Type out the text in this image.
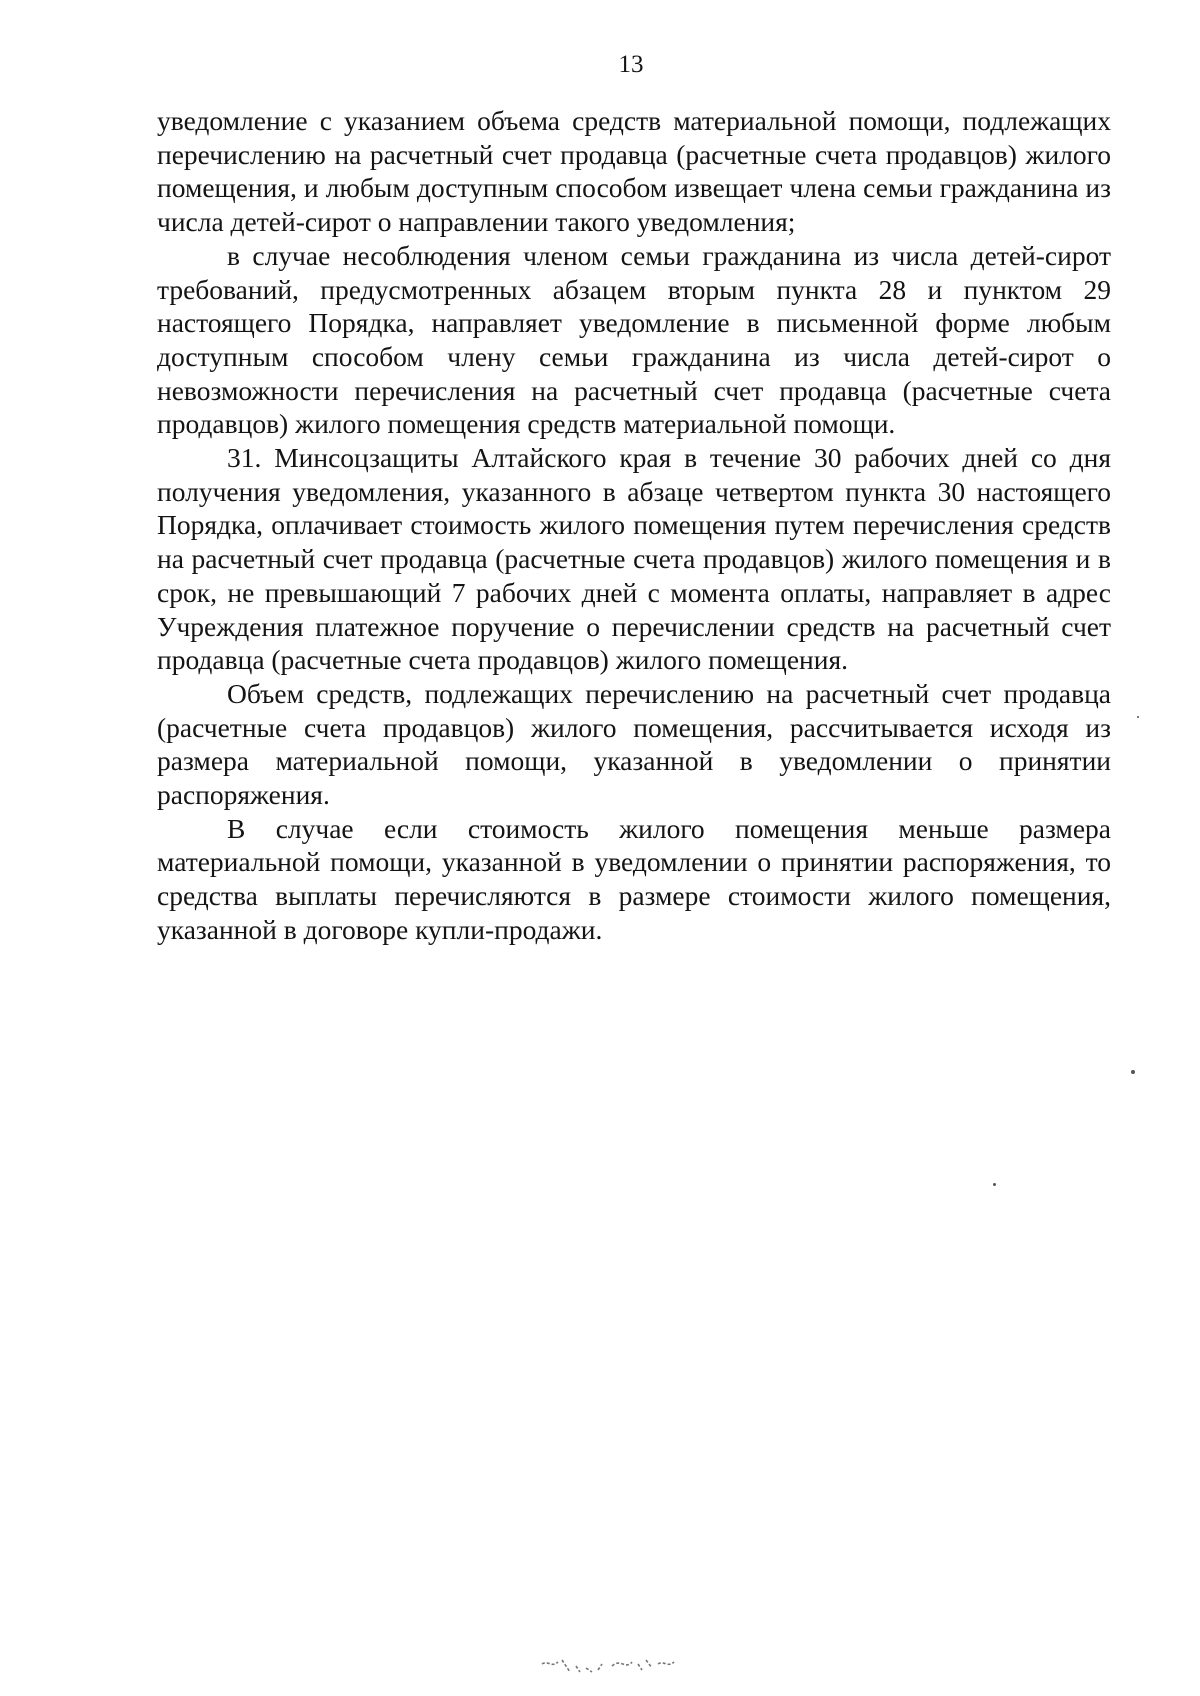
13

уведомление с указанием объема средств материальной помощи, подлежащих перечислению на расчетный счет продавца (расчетные счета продавцов) жилого помещения, и любым доступным способом извещает члена семьи гражданина из числа детей-сирот о направлении такого уведомления;

в случае несоблюдения членом семьи гражданина из числа детей-сирот требований, предусмотренных абзацем вторым пункта 28 и пунктом 29 настоящего Порядка, направляет уведомление в письменной форме любым доступным способом члену семьи гражданина из числа детей-сирот о невозможности перечисления на расчетный счет продавца (расчетные счета продавцов) жилого помещения средств материальной помощи.

31. Минсоцзащиты Алтайского края в течение 30 рабочих дней со дня получения уведомления, указанного в абзаце четвертом пункта 30 настоящего Порядка, оплачивает стоимость жилого помещения путем перечисления средств на расчетный счет продавца (расчетные счета продавцов) жилого помещения и в срок, не превышающий 7 рабочих дней с момента оплаты, направляет в адрес Учреждения платежное поручение о перечислении средств на расчетный счет продавца (расчетные счета продавцов) жилого помещения.

Объем средств, подлежащих перечислению на расчетный счет продавца (расчетные счета продавцов) жилого помещения, рассчитывается исходя из размера материальной помощи, указанной в уведомлении о принятии распоряжения.

В случае если стоимость жилого помещения меньше размера материальной помощи, указанной в уведомлении о принятии распоряжения, то средства выплаты перечисляются в размере стоимости жилого помещения, указанной в договоре купли-продажи.
